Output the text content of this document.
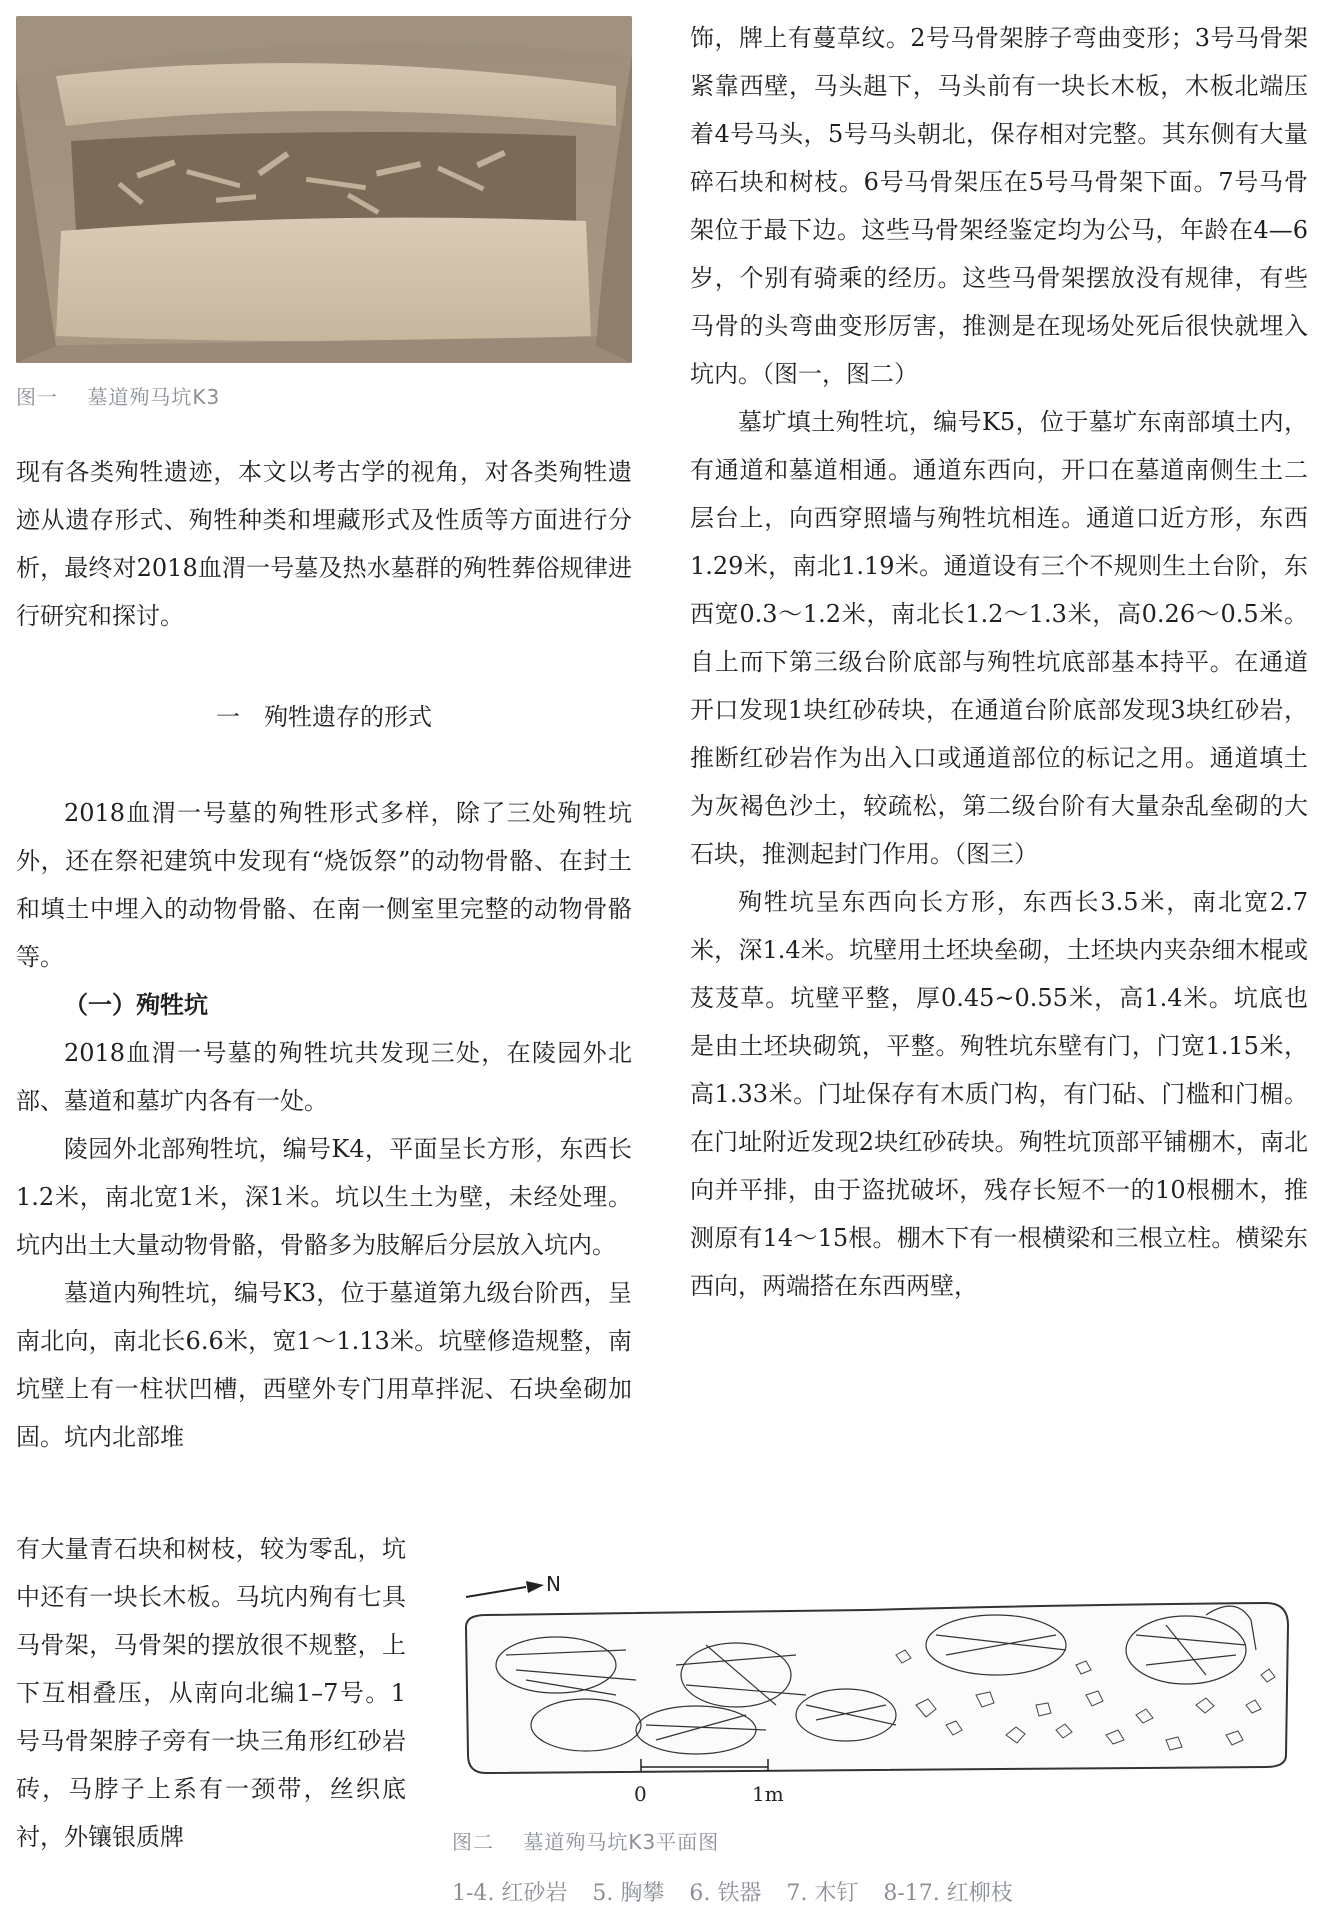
图一 墓道殉马坑K3

现有各类殉牲遗迹，本文以考古学的视角，对各类殉牲遗迹从遗存形式、殉牲种类和埋藏形式及性质等方面进行分析，最终对2018血渭一号墓及热水墓群的殉牲葬俗规律进行研究和探讨。

一　殉牲遗存的形式

2018血渭一号墓的殉牲形式多样，除了三处殉牲坑外，还在祭祀建筑中发现有“烧饭祭”的动物骨骼、在封土和填土中埋入的动物骨骼、在南一侧室里完整的动物骨骼等。

（一）殉牲坑

2018血渭一号墓的殉牲坑共发现三处，在陵园外北部、墓道和墓圹内各有一处。

陵园外北部殉牲坑，编号K4，平面呈长方形，东西长1.2米，南北宽1米，深1米。坑以生土为壁，未经处理。坑内出土大量动物骨骼，骨骼多为肢解后分层放入坑内。

墓道内殉牲坑，编号K3，位于墓道第九级台阶西，呈南北向，南北长6.6米，宽1～1.13米。坑壁修造规整，南坑壁上有一柱状凹槽，西壁外专门用草拌泥、石块垒砌加固。坑内北部堆

有大量青石块和树枝，较为零乱，坑中还有一块长木板。马坑内殉有七具马骨架，马骨架的摆放很不规整，上下互相叠压，从南向北编1–7号。1号马骨架脖子旁有一块三角形红砂岩砖，马脖子上系有一颈带，丝织底衬，外镶银质牌

饰，牌上有蔓草纹。2号马骨架脖子弯曲变形；3号马骨架紧靠西壁，马头趄下，马头前有一块长木板，木板北端压着4号马头，5号马头朝北，保存相对完整。其东侧有大量碎石块和树枝。6号马骨架压在5号马骨架下面。7号马骨架位于最下边。这些马骨架经鉴定均为公马，年龄在4—6岁，个别有骑乘的经历。这些马骨架摆放没有规律，有些马骨的头弯曲变形厉害，推测是在现场处死后很快就埋入坑内。（图一，图二）

墓圹填土殉牲坑，编号K5，位于墓圹东南部填土内，有通道和墓道相通。通道东西向，开口在墓道南侧生土二层台上，向西穿照墙与殉牲坑相连。通道口近方形，东西1.29米，南北1.19米。通道设有三个不规则生土台阶，东西宽0.3～1.2米，南北长1.2～1.3米，高0.26～0.5米。自上而下第三级台阶底部与殉牲坑底部基本持平。在通道开口发现1块红砂砖块，在通道台阶底部发现3块红砂岩，推断红砂岩作为出入口或通道部位的标记之用。通道填土为灰褐色沙土，较疏松，第二级台阶有大量杂乱垒砌的大石块，推测起封门作用。（图三）

殉牲坑呈东西向长方形，东西长3.5米，南北宽2.7米，深1.4米。坑壁用土坯块垒砌，土坯块内夹杂细木棍或芨芨草。坑壁平整，厚0.45~0.55米，高1.4米。坑底也是由土坯块砌筑，平整。殉牲坑东壁有门，门宽1.15米，高1.33米。门址保存有木质门构，有门砧、门槛和门楣。在门址附近发现2块红砂砖块。殉牲坑顶部平铺棚木，南北向并平排，由于盗扰破坏，残存长短不一的10根棚木，推测原有14～15根。棚木下有一根横梁和三根立柱。横梁东西向，两端搭在东西两壁，

N
0	1m
图二 墓道殉马坑K3平面图
1-4. 红砂岩 5. 胸攀 6. 铁器 7. 木钉 8-17. 红柳枝
